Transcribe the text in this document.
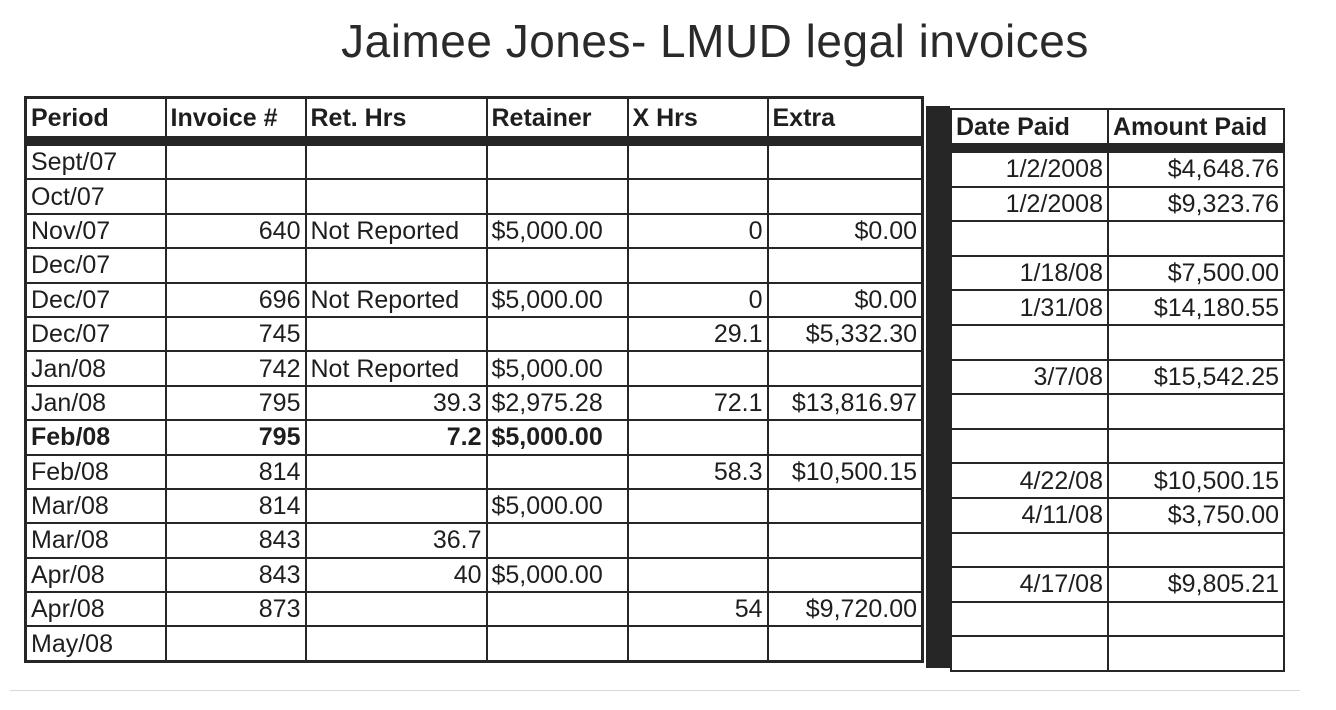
Jaimee Jones- LMUD legal invoices
Period	Invoice #	Ret. Hrs	Retainer	X Hrs	Extra
Sept/07					
Oct/07					
Nov/07	640	Not Reported	$5,000.00	0	$0.00
Dec/07					
Dec/07	696	Not Reported	$5,000.00	0	$0.00
Dec/07	745			29.1	$5,332.30
Jan/08	742	Not Reported	$5,000.00		
Jan/08	795	39.3	$2,975.28	72.1	$13,816.97
Feb/08	795	7.2	$5,000.00		
Feb/08	814			58.3	$10,500.15
Mar/08	814		$5,000.00		
Mar/08	843	36.7			
Apr/08	843	40	$5,000.00		
Apr/08	873			54	$9,720.00
May/08					
Date Paid	Amount Paid
1/2/2008	$4,648.76
1/2/2008	$9,323.76

1/18/08	$7,500.00
1/31/08	$14,180.55

3/7/08	$15,542.25

4/22/08	$10,500.15
4/11/08	$3,750.00

4/17/08	$9,805.21
